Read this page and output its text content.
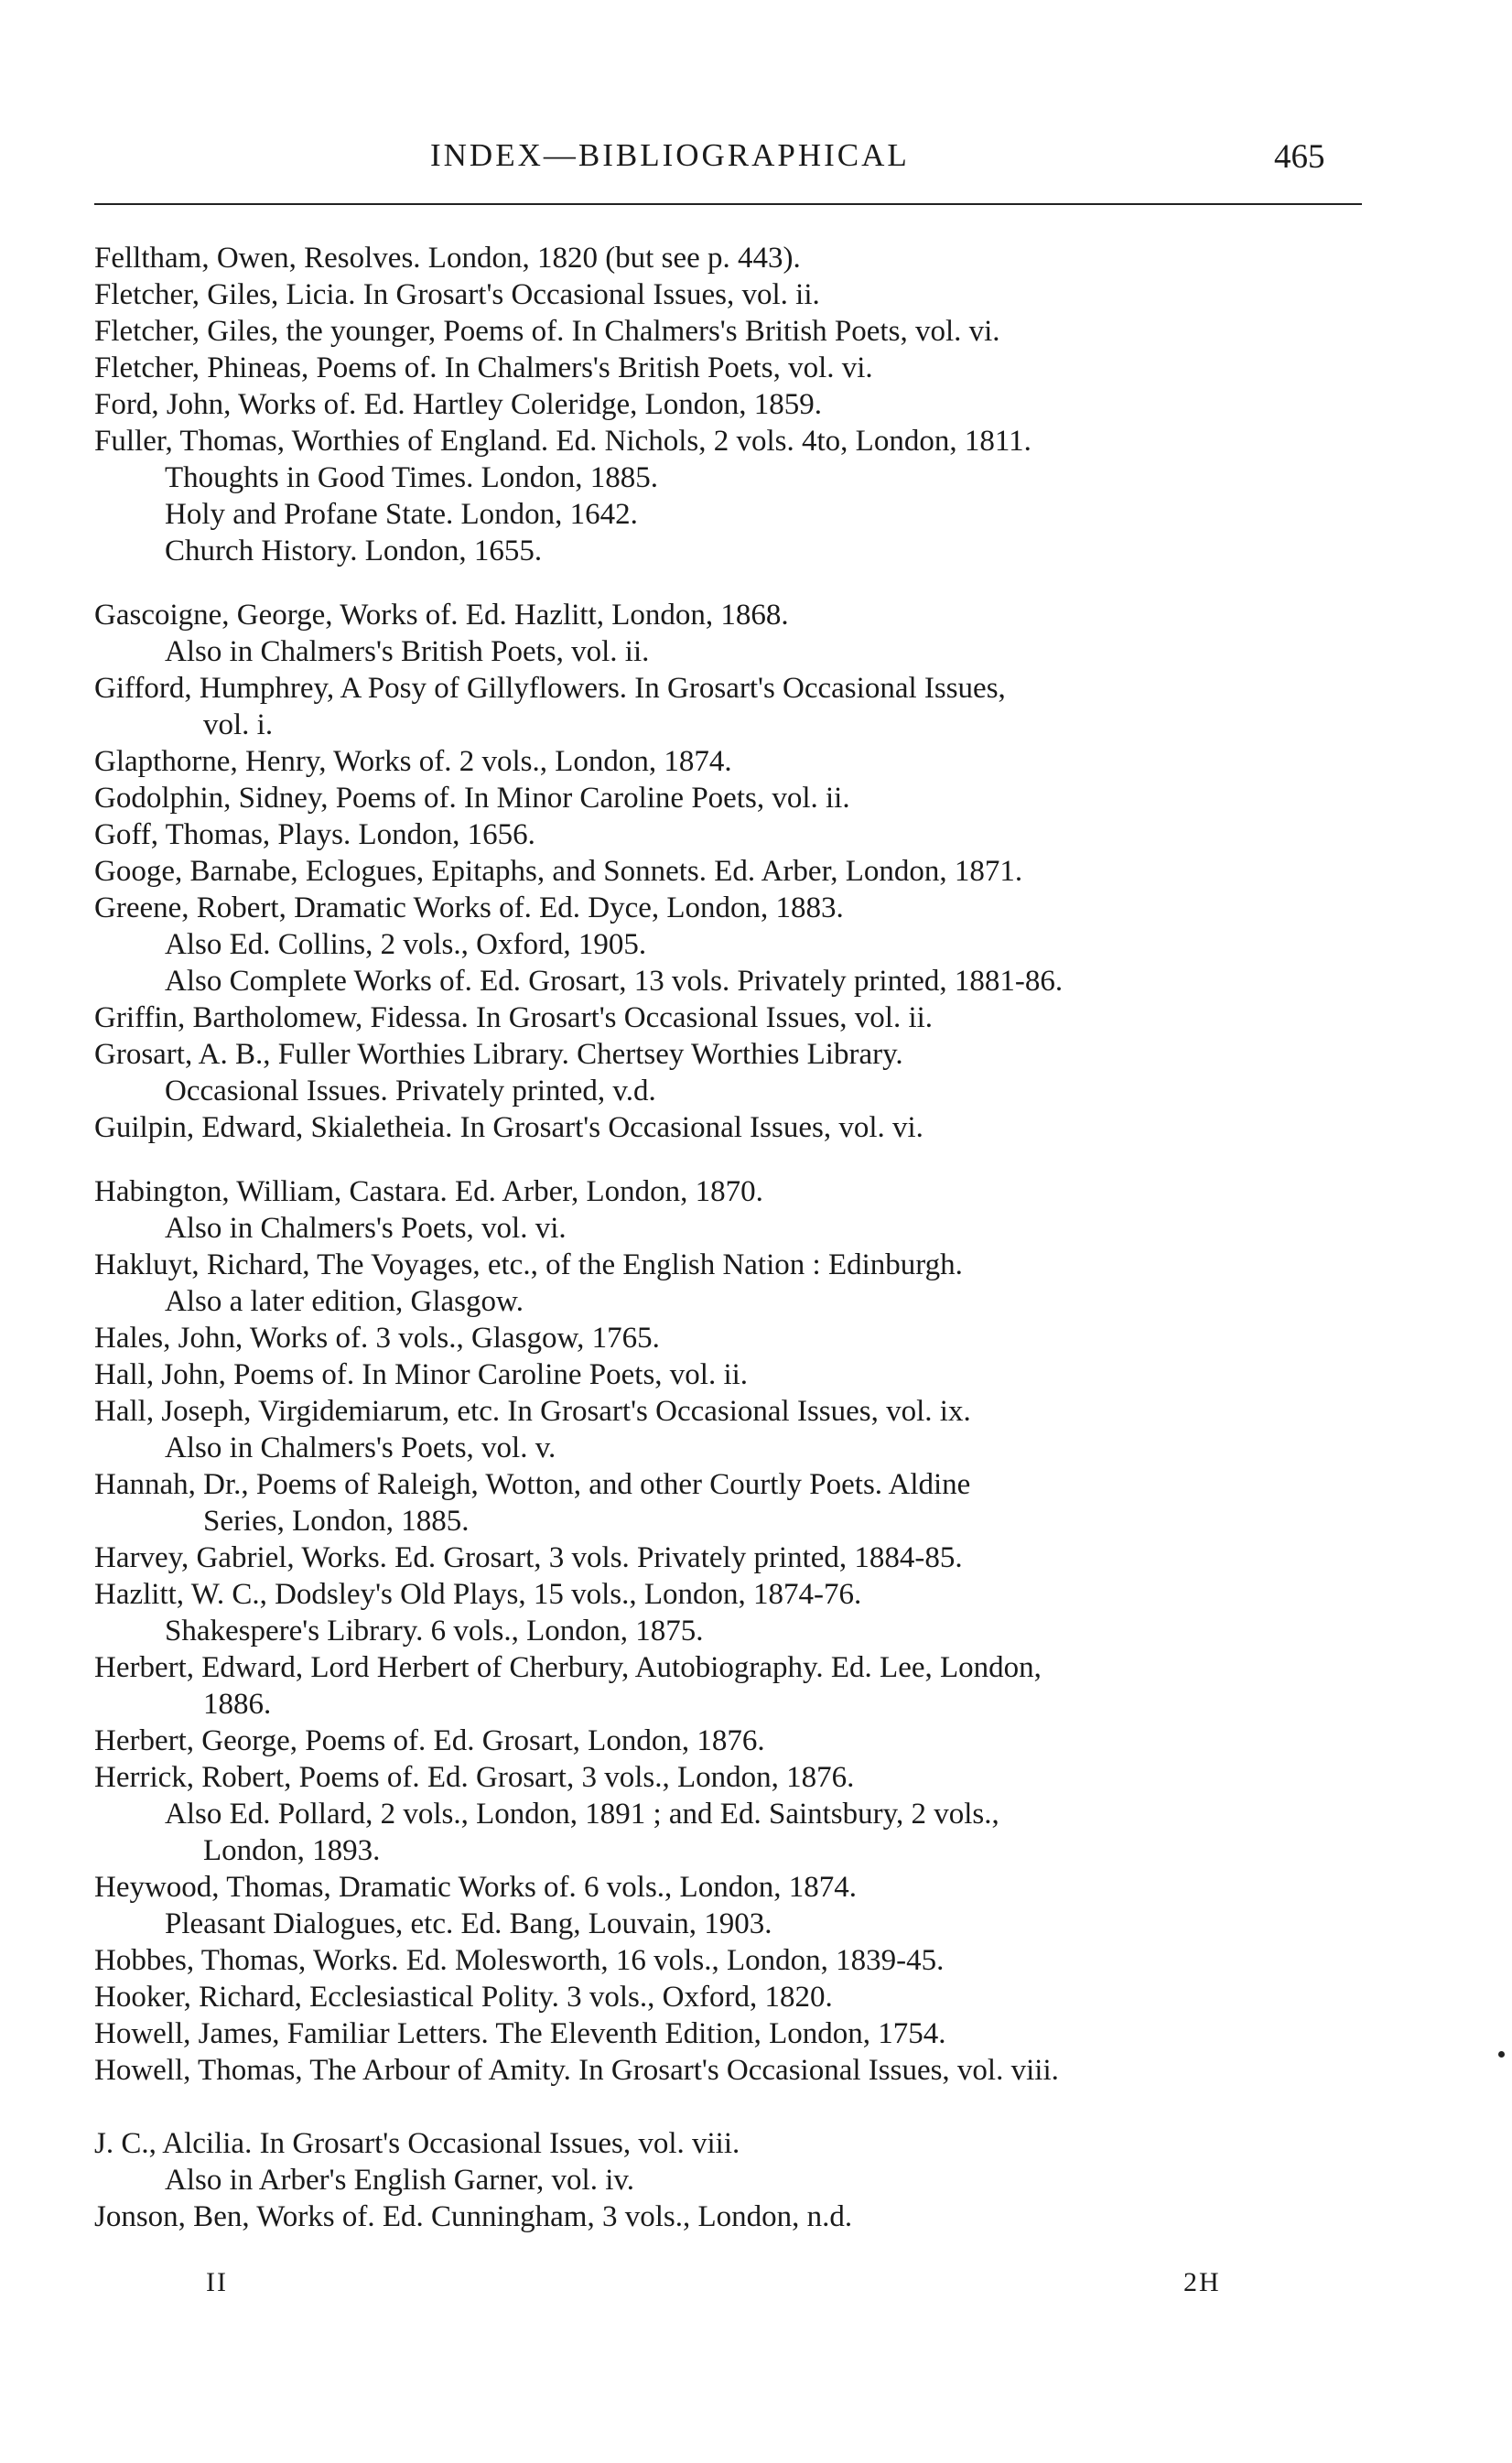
INDEX—BIBLIOGRAPHICAL	465
Felltham, Owen, Resolves. London, 1820 (but see p. 443).
Fletcher, Giles, Licia. In Grosart's Occasional Issues, vol. ii.
Fletcher, Giles, the younger, Poems of. In Chalmers's British Poets, vol. vi.
Fletcher, Phineas, Poems of. In Chalmers's British Poets, vol. vi.
Ford, John, Works of. Ed. Hartley Coleridge, London, 1859.
Fuller, Thomas, Worthies of England. Ed. Nichols, 2 vols. 4to, London, 1811.
Thoughts in Good Times. London, 1885.
Holy and Profane State. London, 1642.
Church History. London, 1655.
Gascoigne, George, Works of. Ed. Hazlitt, London, 1868.
Also in Chalmers's British Poets, vol. ii.
Gifford, Humphrey, A Posy of Gillyflowers. In Grosart's Occasional Issues,
vol. i.
Glapthorne, Henry, Works of. 2 vols., London, 1874.
Godolphin, Sidney, Poems of. In Minor Caroline Poets, vol. ii.
Goff, Thomas, Plays. London, 1656.
Googe, Barnabe, Eclogues, Epitaphs, and Sonnets. Ed. Arber, London, 1871.
Greene, Robert, Dramatic Works of. Ed. Dyce, London, 1883.
Also Ed. Collins, 2 vols., Oxford, 1905.
Also Complete Works of. Ed. Grosart, 13 vols. Privately printed, 1881-86.
Griffin, Bartholomew, Fidessa. In Grosart's Occasional Issues, vol. ii.
Grosart, A. B., Fuller Worthies Library. Chertsey Worthies Library.
Occasional Issues. Privately printed, v.d.
Guilpin, Edward, Skialetheia. In Grosart's Occasional Issues, vol. vi.
Habington, William, Castara. Ed. Arber, London, 1870.
Also in Chalmers's Poets, vol. vi.
Hakluyt, Richard, The Voyages, etc., of the English Nation : Edinburgh.
Also a later edition, Glasgow.
Hales, John, Works of. 3 vols., Glasgow, 1765.
Hall, John, Poems of. In Minor Caroline Poets, vol. ii.
Hall, Joseph, Virgidemiarum, etc. In Grosart's Occasional Issues, vol. ix.
Also in Chalmers's Poets, vol. v.
Hannah, Dr., Poems of Raleigh, Wotton, and other Courtly Poets. Aldine
Series, London, 1885.
Harvey, Gabriel, Works. Ed. Grosart, 3 vols. Privately printed, 1884-85.
Hazlitt, W. C., Dodsley's Old Plays, 15 vols., London, 1874-76.
Shakespere's Library. 6 vols., London, 1875.
Herbert, Edward, Lord Herbert of Cherbury, Autobiography. Ed. Lee, London,
1886.
Herbert, George, Poems of. Ed. Grosart, London, 1876.
Herrick, Robert, Poems of. Ed. Grosart, 3 vols., London, 1876.
Also Ed. Pollard, 2 vols., London, 1891 ; and Ed. Saintsbury, 2 vols.,
London, 1893.
Heywood, Thomas, Dramatic Works of. 6 vols., London, 1874.
Pleasant Dialogues, etc. Ed. Bang, Louvain, 1903.
Hobbes, Thomas, Works. Ed. Molesworth, 16 vols., London, 1839-45.
Hooker, Richard, Ecclesiastical Polity. 3 vols., Oxford, 1820.
Howell, James, Familiar Letters. The Eleventh Edition, London, 1754.
Howell, Thomas, The Arbour of Amity. In Grosart's Occasional Issues, vol. viii.
J. C., Alcilia. In Grosart's Occasional Issues, vol. viii.
Also in Arber's English Garner, vol. iv.
Jonson, Ben, Works of. Ed. Cunningham, 3 vols., London, n.d.
II	2H
